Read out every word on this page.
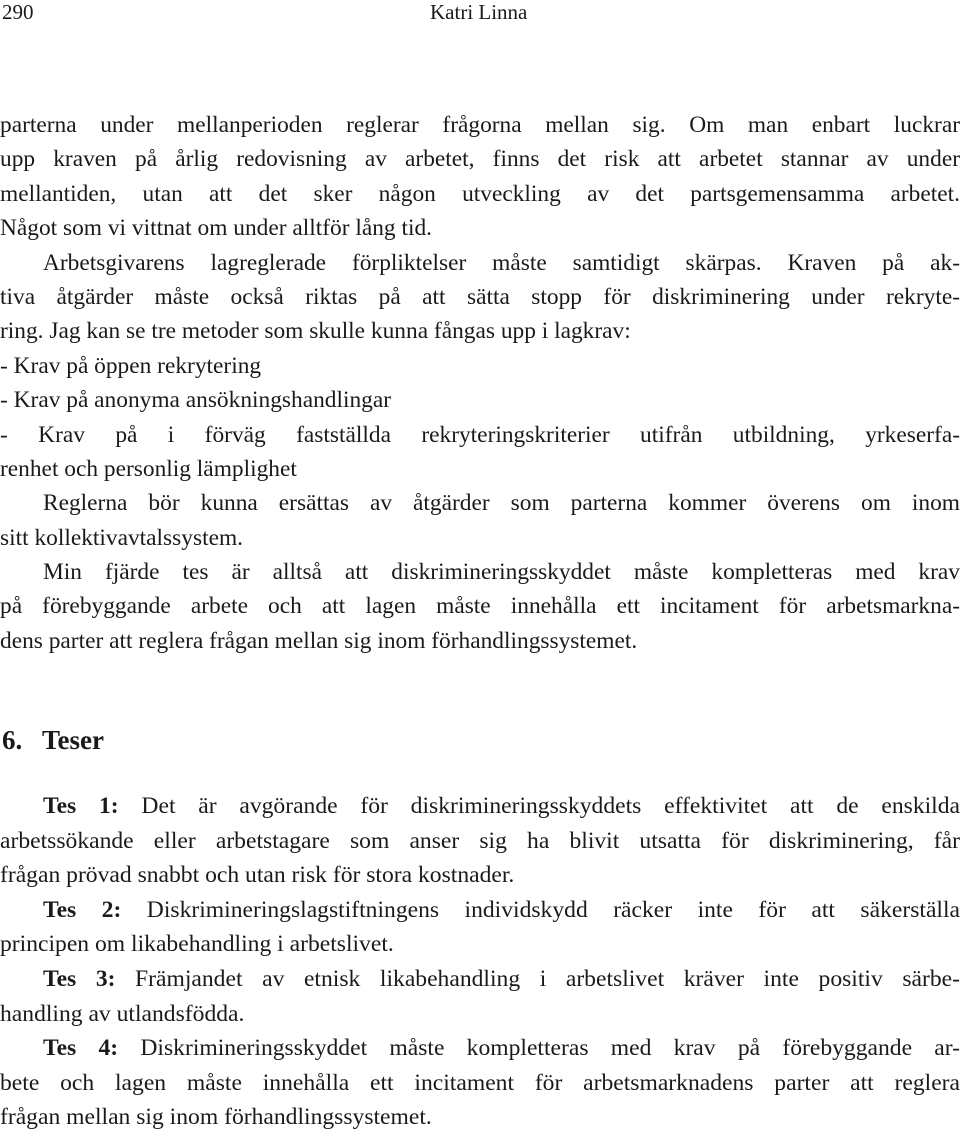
290	Katri Linna
parterna under mellanperioden reglerar frågorna mellan sig. Om man enbart luckrar
upp kraven på årlig redovisning av arbetet, finns det risk att arbetet stannar av under
mellantiden, utan att det sker någon utveckling av det partsgemensamma arbetet.
Något som vi vittnat om under alltför lång tid.
Arbetsgivarens lagreglerade förpliktelser måste samtidigt skärpas. Kraven på ak-
tiva åtgärder måste också riktas på att sätta stopp för diskriminering under rekryte-
ring. Jag kan se tre metoder som skulle kunna fångas upp i lagkrav:
- Krav på öppen rekrytering
- Krav på anonyma ansökningshandlingar
- Krav på i förväg fastställda rekryteringskriterier utifrån utbildning, yrkeserfa-
renhet och personlig lämplighet
Reglerna bör kunna ersättas av åtgärder som parterna kommer överens om inom
sitt kollektivavtalssystem.
Min fjärde tes är alltså att diskrimineringsskyddet måste kompletteras med krav
på förebyggande arbete och att lagen måste innehålla ett incitament för arbetsmarkna-
dens parter att reglera frågan mellan sig inom förhandlingssystemet.
6. Teser
Tes 1: Det är avgörande för diskrimineringsskyddets effektivitet att de enskilda
arbetssökande eller arbetstagare som anser sig ha blivit utsatta för diskriminering, får
frågan prövad snabbt och utan risk för stora kostnader.
Tes 2: Diskrimineringslagstiftningens individskydd räcker inte för att säkerställa
principen om likabehandling i arbetslivet.
Tes 3: Främjandet av etnisk likabehandling i arbetslivet kräver inte positiv särbe-
handling av utlandsfödda.
Tes 4: Diskrimineringsskyddet måste kompletteras med krav på förebyggande ar-
bete och lagen måste innehålla ett incitament för arbetsmarknadens parter att reglera
frågan mellan sig inom förhandlingssystemet.
